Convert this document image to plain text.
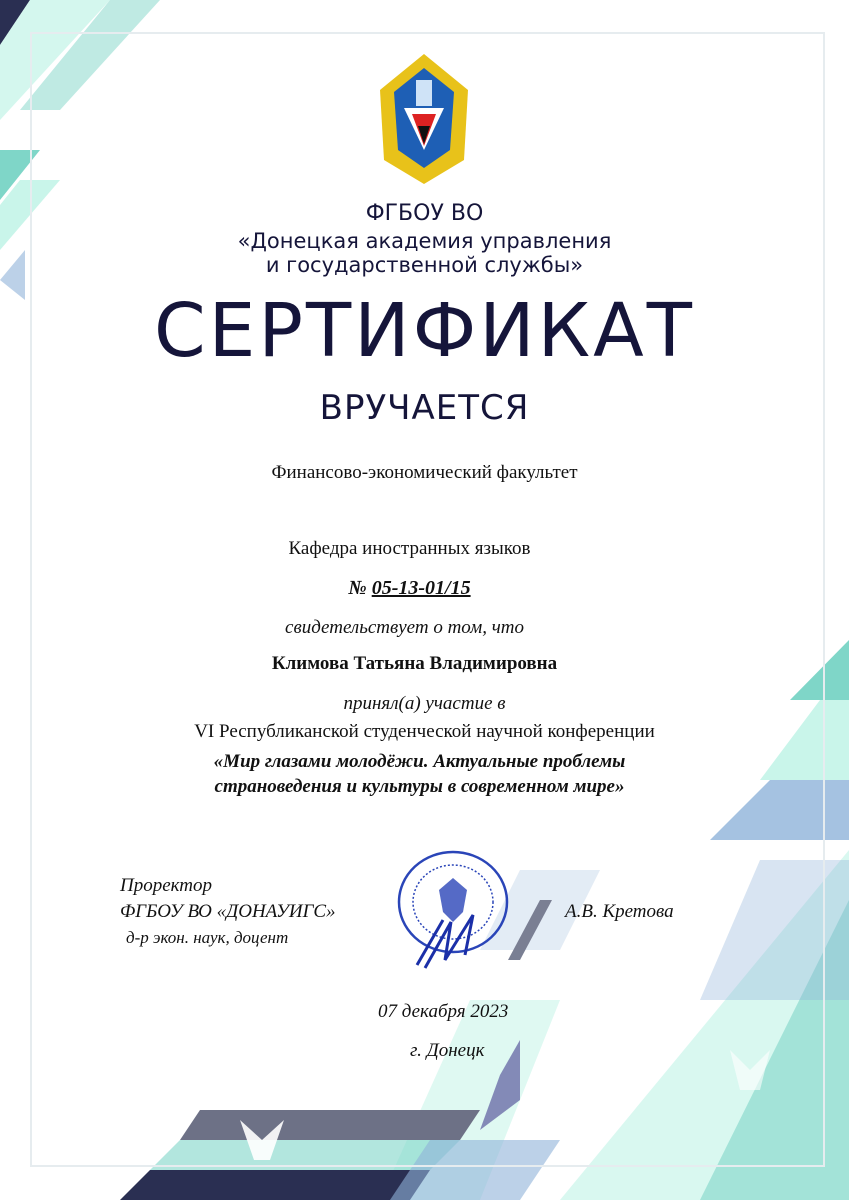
ФГБОУ ВО
«Донецкая академия управления
и государственной службы»
СЕРТИФИКАТ
ВРУЧАЕТСЯ
Финансово-экономический факультет
Кафедра иностранных языков
№ 05-13-01/15
свидетельствует о том, что
Климова Татьяна Владимировна
принял(а) участие в
VI Республиканской студенческой научной конференции
«Мир глазами молодёжи. Актуальные проблемы
страноведения и культуры в современном мире»
Проректор
ФГБОУ ВО «ДОНАУИГС»
д-р экон. наук, доцент
А.В. Кретова
07 декабря 2023
г. Донецк
